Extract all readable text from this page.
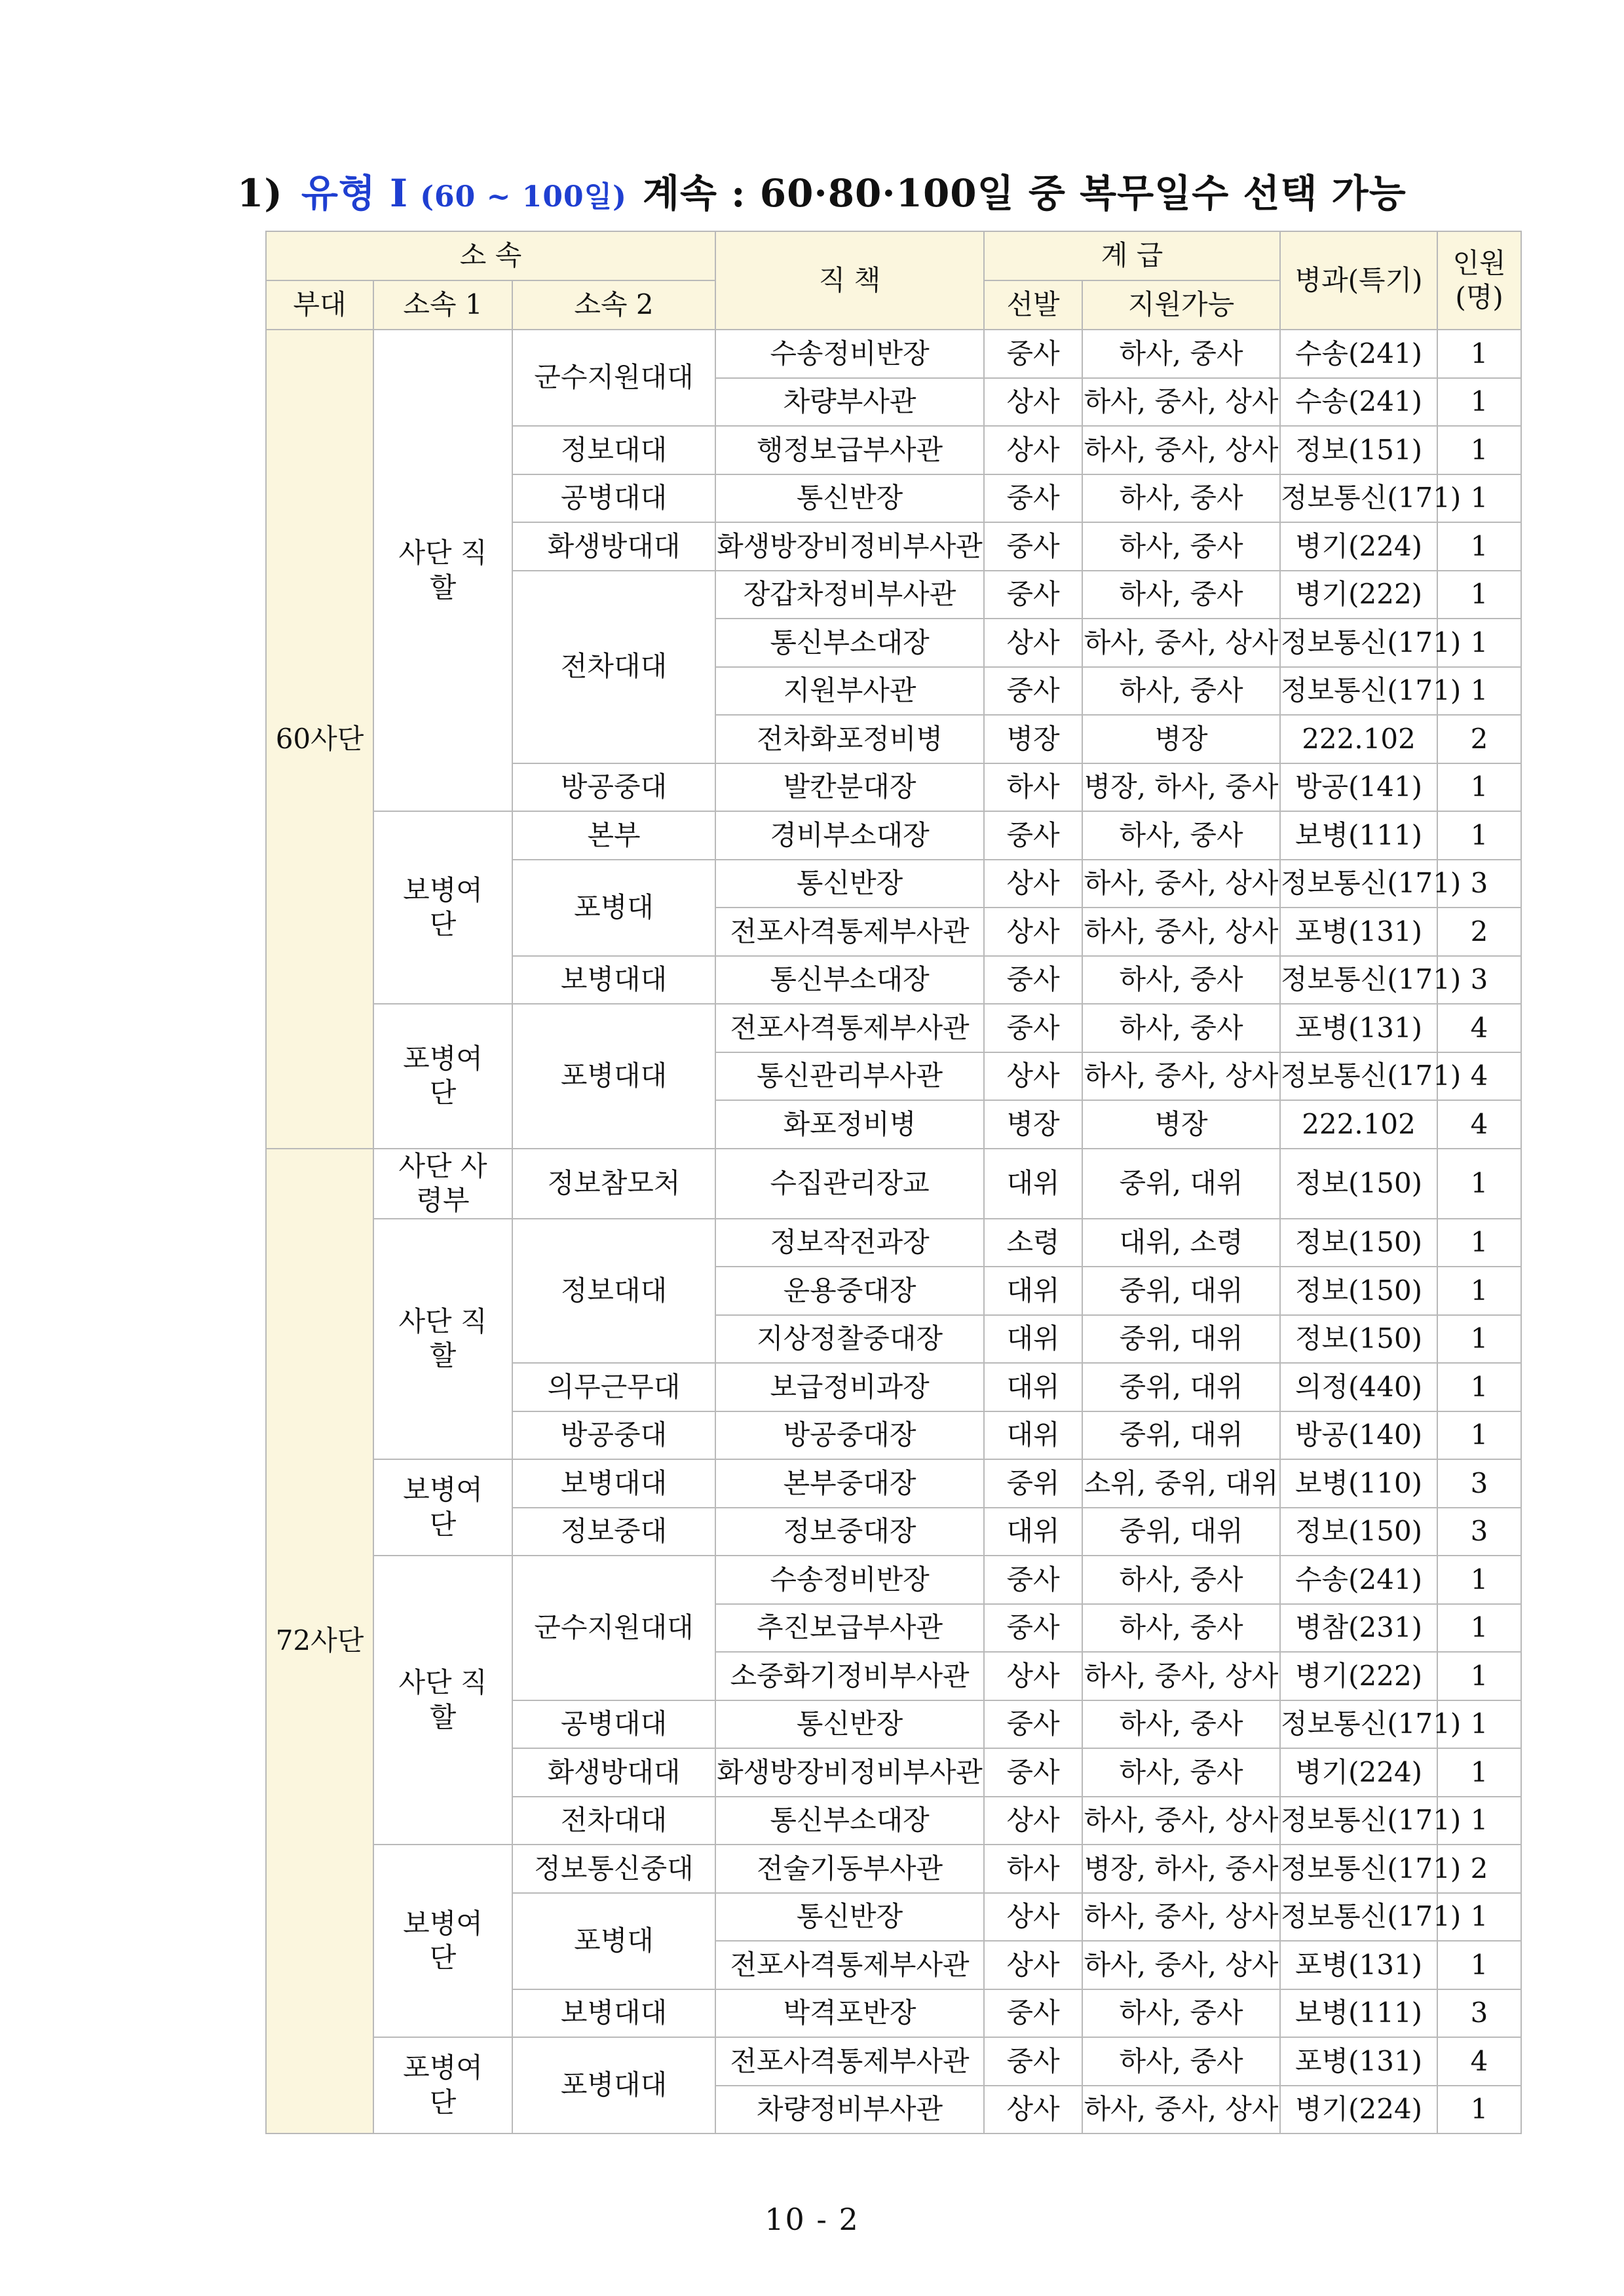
1) 유형 Ⅰ (60 ~ 100일) 계속 : 60·80·100일 중 복무일수 선택 가능
소 속			직 책	계 급		병과(특기)	인원(명)
부대	소속 1	소속 2		선발	지원가능		
60사단	사단 직할	군수지원대대	수송정비반장	중사	하사, 중사	수송(241)	1
			차량부사관	상사	하사, 중사, 상사	수송(241)	1
		정보대대	행정보급부사관	상사	하사, 중사, 상사	정보(151)	1
		공병대대	통신반장	중사	하사, 중사	정보통신(171)	1
		화생방대대	화생방장비정비부사관	중사	하사, 중사	병기(224)	1
		전차대대	장갑차정비부사관	중사	하사, 중사	병기(222)	1
			통신부소대장	상사	하사, 중사, 상사	정보통신(171)	1
			지원부사관	중사	하사, 중사	정보통신(171)	1
			전차화포정비병	병장	병장	222.102	2
		방공중대	발칸분대장	하사	병장, 하사, 중사	방공(141)	1
	보병여단	본부	경비부소대장	중사	하사, 중사	보병(111)	1
		포병대	통신반장	상사	하사, 중사, 상사	정보통신(171)	3
			전포사격통제부사관	상사	하사, 중사, 상사	포병(131)	2
		보병대대	통신부소대장	중사	하사, 중사	정보통신(171)	3
	포병여단	포병대대	전포사격통제부사관	중사	하사, 중사	포병(131)	4
			통신관리부사관	상사	하사, 중사, 상사	정보통신(171)	4
			화포정비병	병장	병장	222.102	4
72사단	사단 사령부	정보참모처	수집관리장교	대위	중위, 대위	정보(150)	1
	사단 직할	정보대대	정보작전과장	소령	대위, 소령	정보(150)	1
			운용중대장	대위	중위, 대위	정보(150)	1
			지상정찰중대장	대위	중위, 대위	정보(150)	1
		의무근무대	보급정비과장	대위	중위, 대위	의정(440)	1
		방공중대	방공중대장	대위	중위, 대위	방공(140)	1
	보병여단	보병대대	본부중대장	중위	소위, 중위, 대위	보병(110)	3
		정보중대	정보중대장	대위	중위, 대위	정보(150)	3
	사단 직할	군수지원대대	수송정비반장	중사	하사, 중사	수송(241)	1
			추진보급부사관	중사	하사, 중사	병참(231)	1
			소중화기정비부사관	상사	하사, 중사, 상사	병기(222)	1
		공병대대	통신반장	중사	하사, 중사	정보통신(171)	1
		화생방대대	화생방장비정비부사관	중사	하사, 중사	병기(224)	1
		전차대대	통신부소대장	상사	하사, 중사, 상사	정보통신(171)	1
	보병여단	정보통신중대	전술기동부사관	하사	병장, 하사, 중사	정보통신(171)	2
		포병대	통신반장	상사	하사, 중사, 상사	정보통신(171)	1
			전포사격통제부사관	상사	하사, 중사, 상사	포병(131)	1
		보병대대	박격포반장	중사	하사, 중사	보병(111)	3
	포병여단	포병대대	전포사격통제부사관	중사	하사, 중사	포병(131)	4
			차량정비부사관	상사	하사, 중사, 상사	병기(224)	1
10 - 2
